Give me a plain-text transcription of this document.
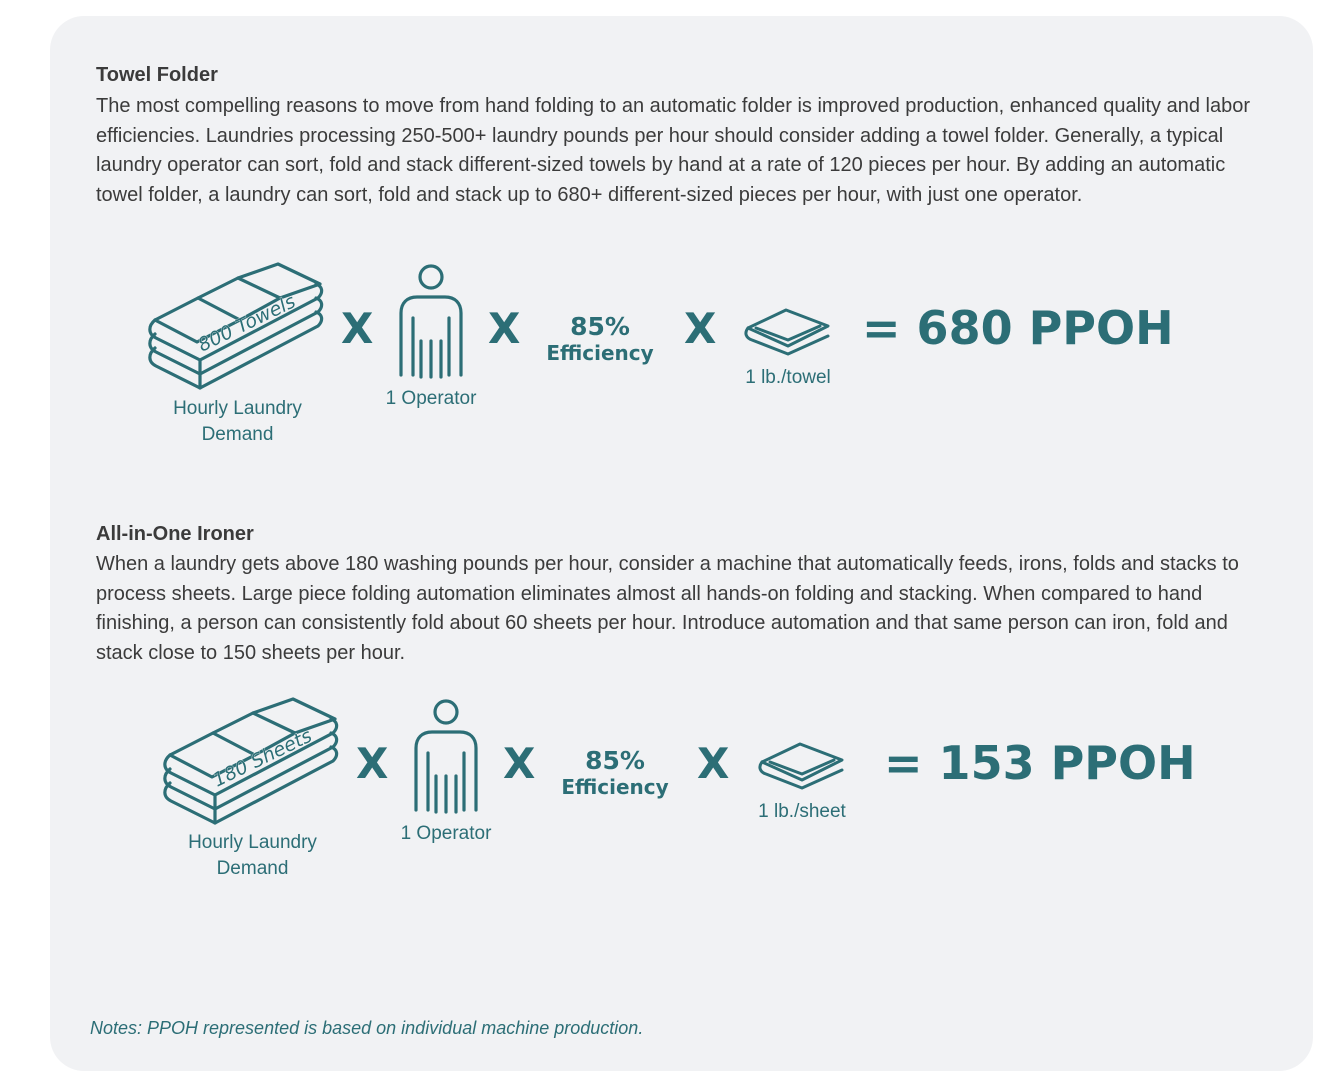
Towel Folder

The most compelling reasons to move from hand folding to an automatic folder is improved production, enhanced quality and labor efficiencies. Laundries processing 250-500+ laundry pounds per hour should consider adding a towel folder. Generally, a typical laundry operator can sort, fold and stack different-sized towels by hand at a rate of 120 pieces per hour. By adding an automatic towel folder, a laundry can sort, fold and stack up to 680+ different-sized pieces per hour, with just one operator.

800 Towels

Hourly Laundry
Demand

X

1 Operator

X	85%
Efficiency X

1 lb./towel

= 680 PPOH

All-in-One Ironer

When a laundry gets above 180 washing pounds per hour, consider a machine that automatically feeds, irons, folds and stacks to process sheets. Large piece folding automation eliminates almost all hands-on folding and stacking. When compared to hand finishing, a person can consistently fold about 60 sheets per hour. Introduce automation and that same person can iron, fold and stack close to 150 sheets per hour.

180 Sheets

Hourly Laundry
Demand

X

1 Operator

X	85%
Efficiency X

1 lb./sheet

= 153 PPOH

Notes: PPOH represented is based on individual machine production.
